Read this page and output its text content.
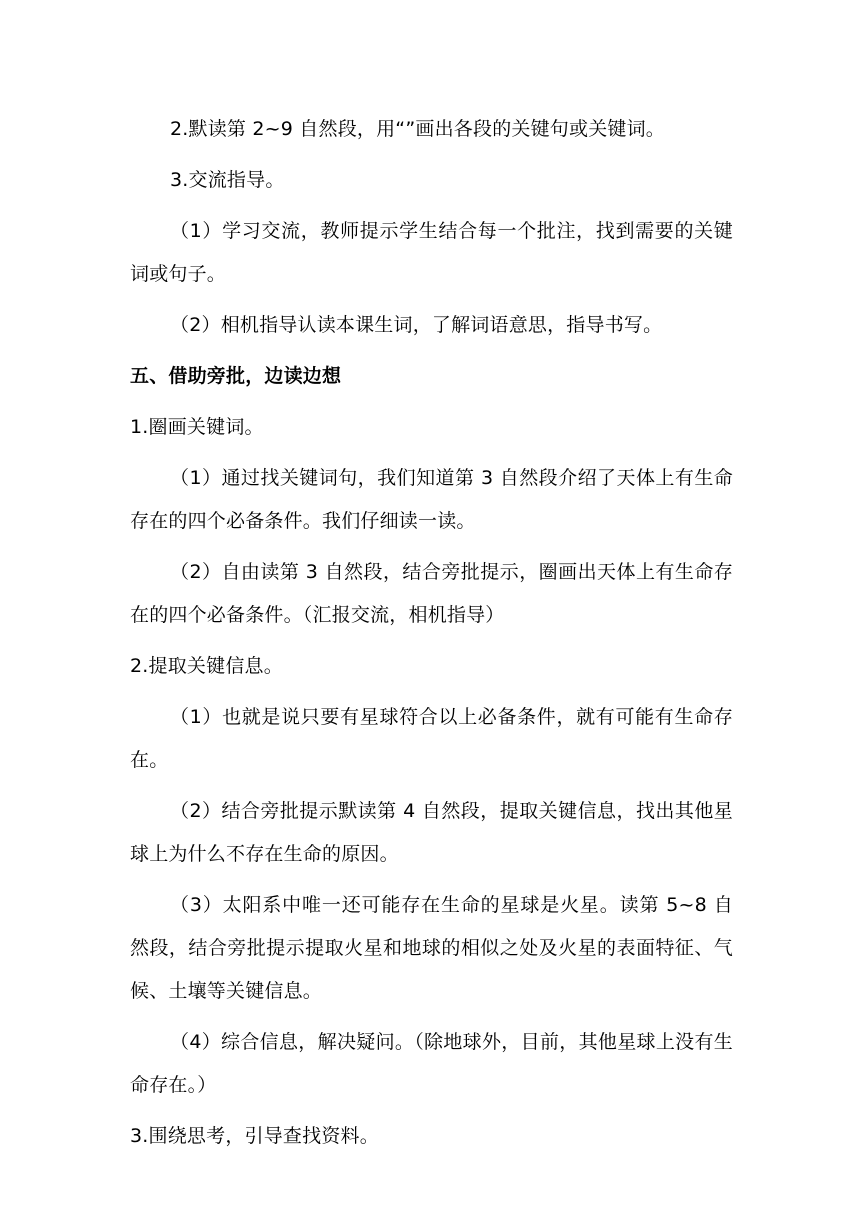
2.默读第 2~9 自然段，用“”画出各段的关键句或关键词。

3.交流指导。

（1）学习交流，教师提示学生结合每一个批注，找到需要的关键词或句子。

（2）相机指导认读本课生词，了解词语意思，指导书写。

五、借助旁批，边读边想

1.圈画关键词。

（1）通过找关键词句，我们知道第 3 自然段介绍了天体上有生命存在的四个必备条件。我们仔细读一读。

（2）自由读第 3 自然段，结合旁批提示，圈画出天体上有生命存在的四个必备条件。（汇报交流，相机指导）

2.提取关键信息。

（1）也就是说只要有星球符合以上必备条件，就有可能有生命存在。

（2）结合旁批提示默读第 4 自然段，提取关键信息，找出其他星球上为什么不存在生命的原因。

（3）太阳系中唯一还可能存在生命的星球是火星。读第 5~8 自然段，结合旁批提示提取火星和地球的相似之处及火星的表面特征、气候、土壤等关键信息。

（4）综合信息，解决疑问。（除地球外，目前，其他星球上没有生命存在。）

3.围绕思考，引导查找资料。
